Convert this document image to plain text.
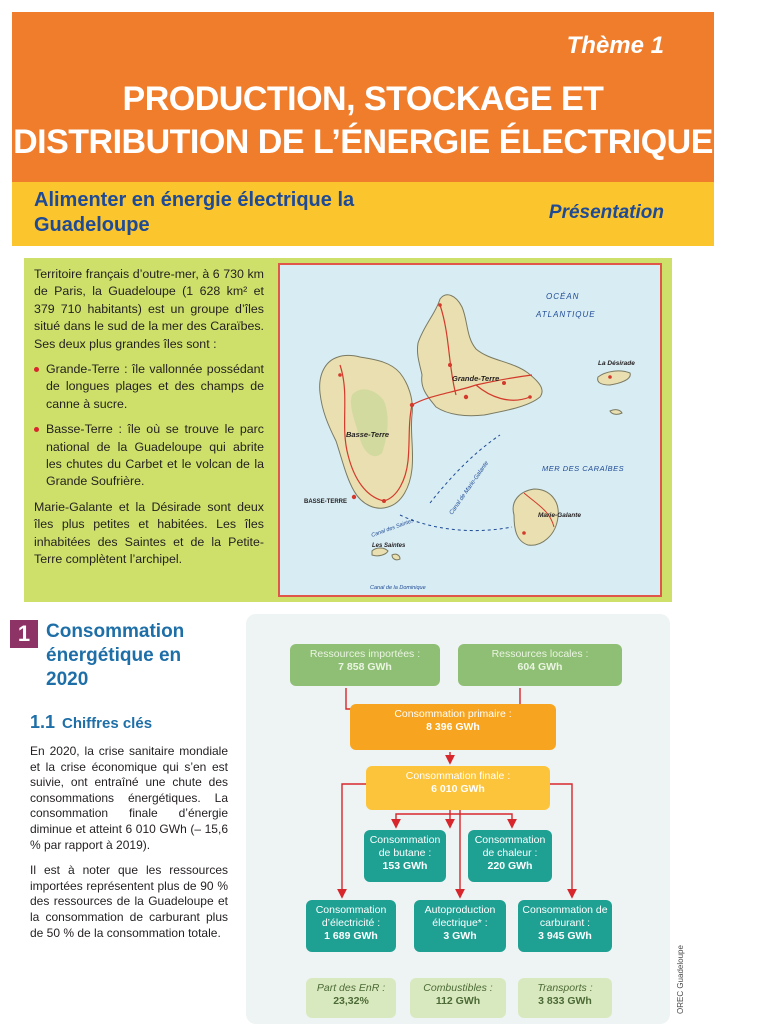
Thème 1
PRODUCTION, STOCKAGE ET
DISTRIBUTION DE L’ÉNERGIE ÉLECTRIQUE
Alimenter en énergie électrique la Guadeloupe
Présentation

Territoire français d’outre-mer, à 6 730 km de Paris, la Guadeloupe (1 628 km² et 379 710 habitants) est un groupe d’îles situé dans le sud de la mer des Caraïbes. Ses deux plus grandes îles sont :

Grande-Terre : île vallonnée possédant de longues plages et des champs de canne à sucre.
Basse-Terre : île où se trouve le parc national de la Guadeloupe qui abrite les chutes du Carbet et le volcan de la Grande Soufrière.

Marie-Galante et la Désirade sont deux îles plus petites et habitées. Les îles inhabitées des Saintes et de la Petite-Terre complètent l’archipel.

OCÉAN
ATLANTIQUE
MER DES CARAÏBES
Grande-Terre
Basse-Terre
Marie-Galante
La Désirade
Les Saintes
BASSE-TERRE	Canal de Marie-Galante
Canal des Saintes
Canal de la Dominique
1 Consommation énergétique en 2020
1.1 Chiffres clés

En 2020, la crise sanitaire mondiale et la crise économique qui s’en est suivie, ont entraîné une chute des consommations énergétiques. La consommation finale d’énergie diminue et atteint 6 010 GWh (– 15,6 % par rapport à 2019).

Il est à noter que les ressources importées représentent plus de 90 % des ressources de la Guadeloupe et la consommation de carburant plus de 50 % de la consommation totale.

Ressources importées :
7 858 GWh
Ressources locales :
604 GWh
Consommation primaire :
8 396 GWh
Consommation finale :
6 010 GWh
Consommation de butane :
153 GWh
Consommation de chaleur :
220 GWh
Consommation d’électricité :
1 689 GWh
Autoproduction électrique* :
3 GWh
Consommation de carburant :
3 945 GWh
Part des EnR :
23,32%
Combustibles :
112 GWh
Transports :
3 833 GWh	OREC Guadeloupe
